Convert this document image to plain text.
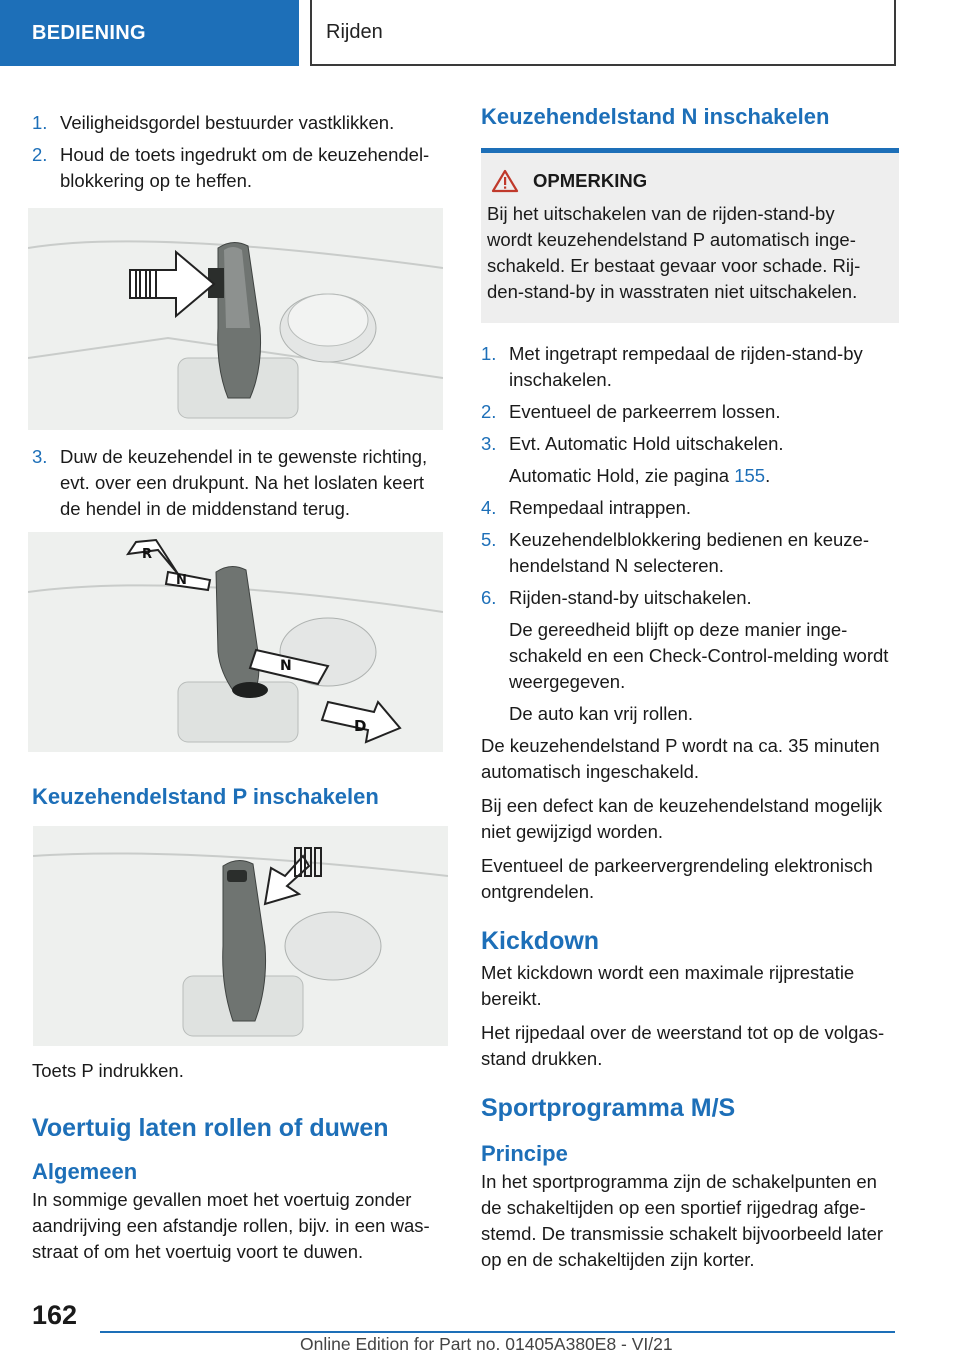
BEDIENING	Rijden
1. Veiligheidsgordel bestuurder vastklikken.
2. Houd de toets ingedrukt om de keuzehendel-blokkering op te heffen.
3. Duw de keuzehendel in te gewenste richting, evt. over een drukpunt. Na het loslaten keert de hendel in de middenstand terug.
R
N
N
D
Keuzehendelstand P inschakelen

Toets P indrukken.

Voertuig laten rollen of duwen
Algemeen

In sommige gevallen moet het voertuig zonder aandrijving een afstandje rollen, bijv. in een was-straat of om het voertuig voort te duwen.

Keuzehendelstand N inschakelen
OPMERKING

Bij het uitschakelen van de rijden-stand-by wordt keuzehendelstand P automatisch inge-schakeld. Er bestaat gevaar voor schade. Rij-den-stand-by in wasstraten niet uitschakelen.

1. Met ingetrapt rempedaal de rijden-stand-by inschakelen.
2. Eventueel de parkeerrem lossen.
3. Evt. Automatic Hold uitschakelen.
Automatic Hold, zie pagina 155.
4. Rempedaal intrappen.
5. Keuzehendelblokkering bedienen en keuze-hendelstand N selecteren.
6. Rijden-stand-by uitschakelen.
De gereedheid blijft op deze manier inge-schakeld en een Check-Control-melding wordt weergegeven.
De auto kan vrij rollen.

De keuzehendelstand P wordt na ca. 35 minuten automatisch ingeschakeld.

Bij een defect kan de keuzehendelstand mogelijk niet gewijzigd worden.

Eventueel de parkeervergrendeling elektronisch ontgrendelen.

Kickdown

Met kickdown wordt een maximale rijprestatie bereikt.

Het rijpedaal over de weerstand tot op de volgas-stand drukken.

Sportprogramma M/S
Principe

In het sportprogramma zijn de schakelpunten en de schakeltijden op een sportief rijgedrag afge-stemd. De transmissie schakelt bijvoorbeeld later op en de schakeltijden zijn korter.

162
Online Edition for Part no. 01405A380E8 - VI/21
